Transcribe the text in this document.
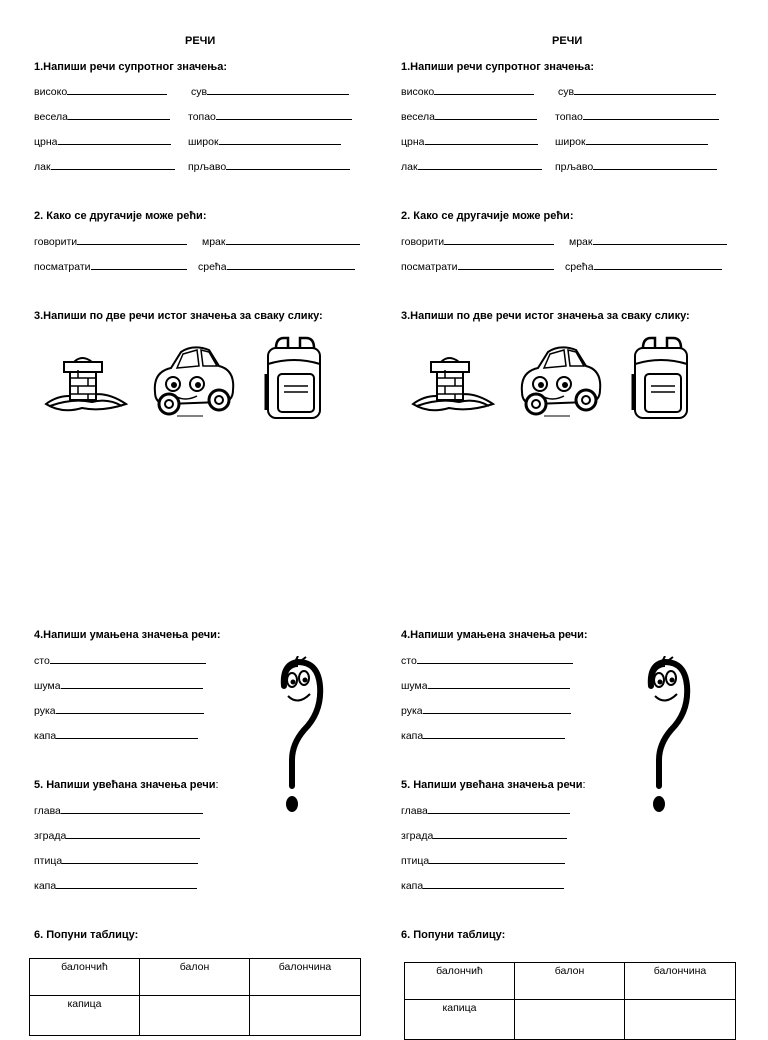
РЕЧИ
1.Напиши речи супротног значења:
високо	сув
весела	топао
црна	широк
лак	прљаво
2. Како се другачије може рећи:
говорити	мрак
посматрати	срећа
3.Напиши по две речи истог значења за сваку слику:
4.Напиши умањена значења речи:
сто
шума
рука
капа
5. Напиши увећана значења речи:
глава
зграда
птица
капа
6. Попуни таблицу:
РЕЧИ
1.Напиши речи супротног значења:
високо	сув
весела	топао
црна	широк
лак	прљаво
2. Како се другачије може рећи:
говорити	мрак
посматрати	срећа
3.Напиши по две речи истог значења за сваку слику:
4.Напиши умањена значења речи:
сто
шума
рука
капа
5. Напиши увећана значења речи:
глава
зграда
птица
капа
6. Попуни таблицу:
балончић	балон	балончина
капица		
балончић	балон	балончина
капица		
